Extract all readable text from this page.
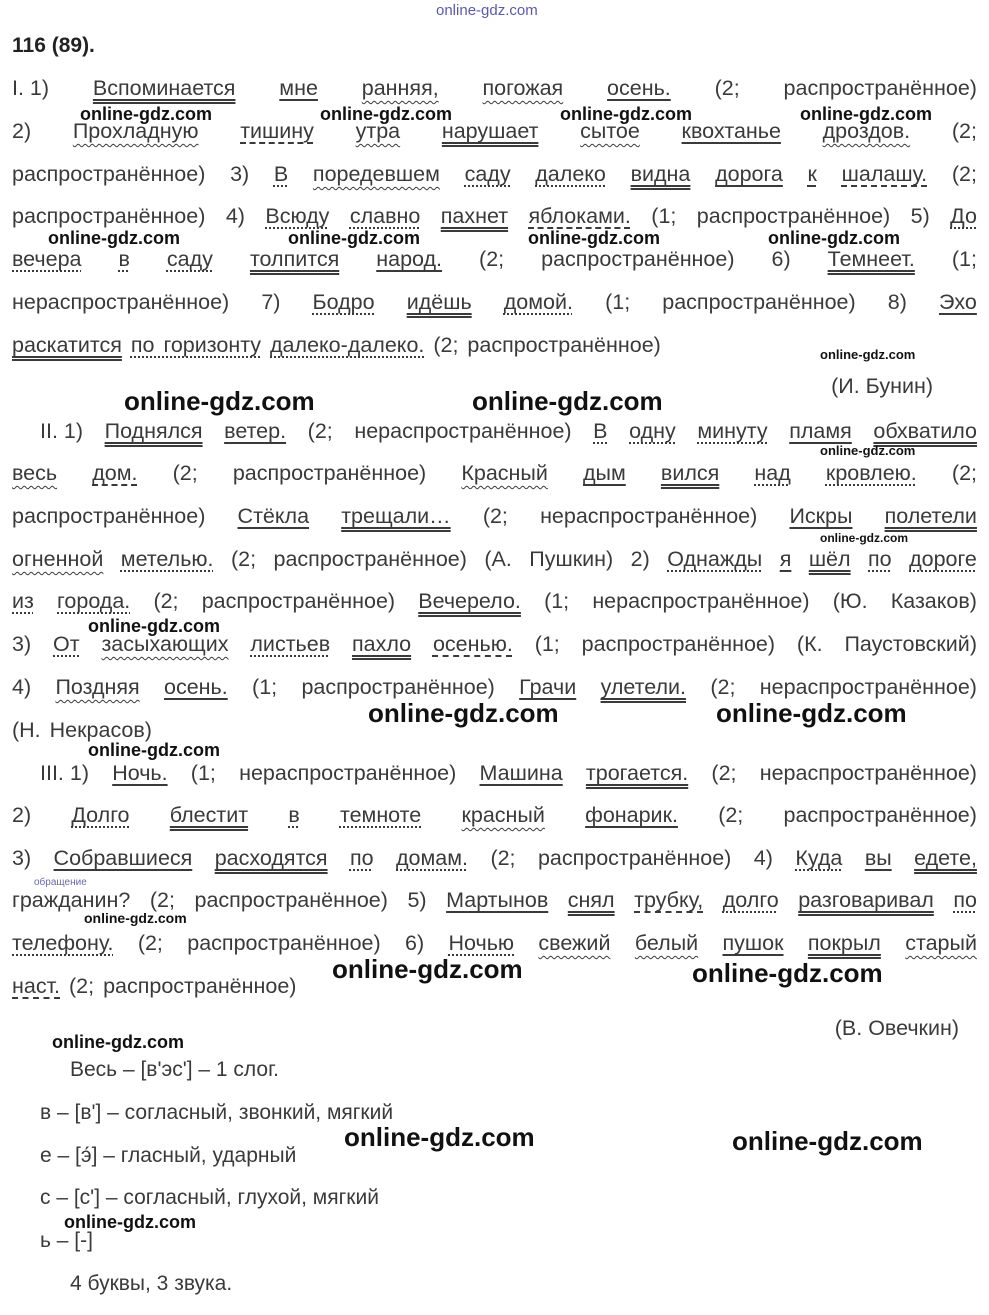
116 (89).
I. 1) Вспоминается мне ранняя, погожая осень. (2; распространённое)
2) Прохладную тишину утра нарушает сытое квохтанье дроздов. (2;
распространённое) 3) В поредевшем саду далеко видна дорога к шалашу. (2;
распространённое) 4) Всюду славно пахнет яблоками. (1; распространённое) 5) До
вечера в саду толпится народ. (2; распространённое) 6) Темнеет. (1;
нераспространённое) 7) Бодро идёшь домой. (1; распространённое) 8) Эхо
раскатится
по горизонту
далеко-далеко.
(2; распространённое)
(И. Бунин)
II. 1) Поднялся ветер. (2; нераспространённое) В одну минуту пламя обхватило
весь дом. (2; распространённое) Красный дым вился над кровлею. (2;
распространённое) Стёкла трещали… (2; нераспространённое) Искры полетели
огненной метелью. (2; распространённое) (А. Пушкин) 2) Однажды я шёл по дороге
из города. (2; распространённое) Вечерело. (1; нераспространённое) (Ю. Казаков)
3) От засыхающих листьев пахло осенью. (1; распространённое) (К. Паустовский)
4) Поздняя осень. (1; распространённое) Грачи улетели. (2; нераспространённое)
(Н. Некрасов)
III. 1) Ночь. (1; нераспространённое) Машина трогается. (2; нераспространённое)
2) Долго блестит в темноте красный фонарик. (2; распространённое)
3) Собравшиеся расходятся по домам. (2; распространённое) 4) Куда вы едете,
обращение
гражданин? (2; распространённое) 5) Мартынов снял трубку, долго разговаривал по
телефону. (2; распространённое) 6) Ночью свежий белый пушок покрыл старый
наст.
(2; распространённое)
(В. Овечкин)
Весь – [в'эс'] – 1 слог.
в – [в'] – согласный, звонкий, мягкий
е – [э́] – гласный, ударный
с – [с'] – согласный, глухой, мягкий
ь – [-]
4 буквы, 3 звука.
online-gdz.com
online-gdz.com	online-gdz.com	online-gdz.com	online-gdz.com
online-gdz.com	online-gdz.com	online-gdz.com	online-gdz.com
online-gdz.com
online-gdz.com	online-gdz.com
online-gdz.com
online-gdz.com
online-gdz.com
online-gdz.com	online-gdz.com
online-gdz.com
online-gdz.com
online-gdz.com	online-gdz.com
online-gdz.com
online-gdz.com	online-gdz.com
online-gdz.com
